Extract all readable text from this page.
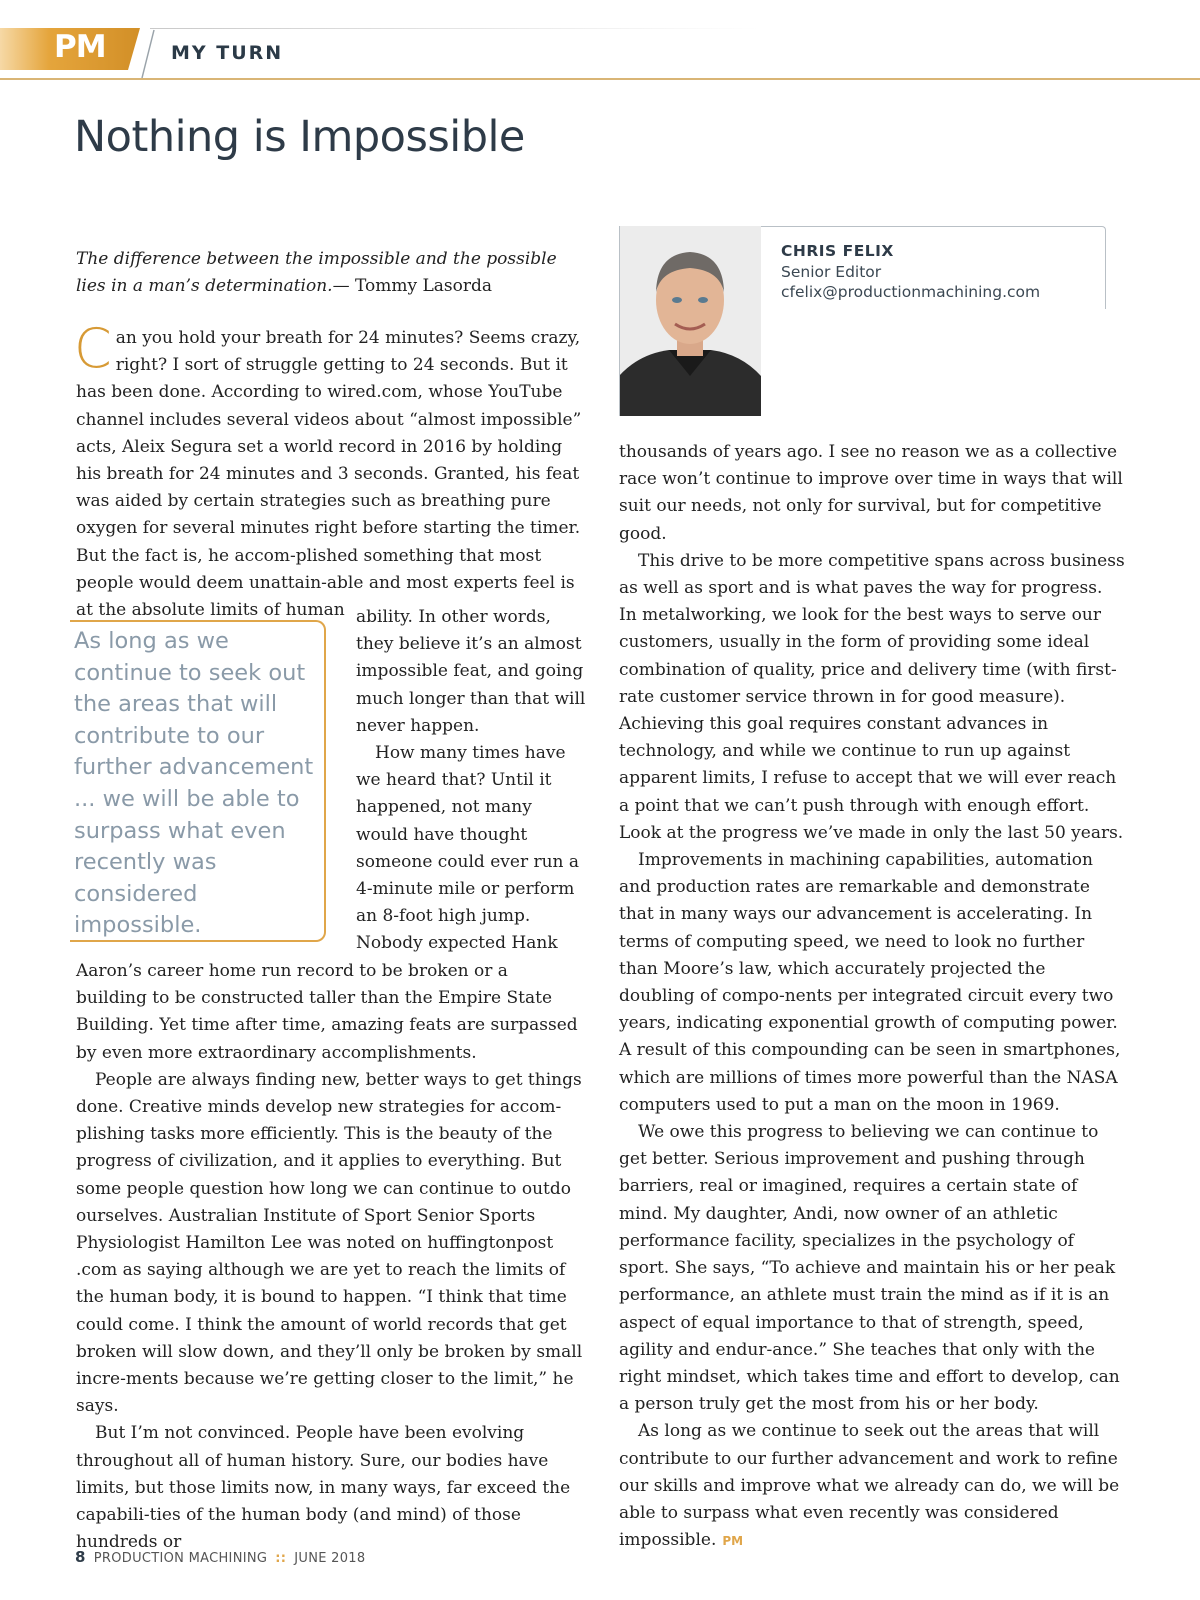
PM	MY TURN
Nothing is Impossible
The difference between the impossible and the possible lies in a man’s determination.— Tommy Lasorda

Can you hold your breath for 24 minutes? Seems crazy, right? I sort of struggle getting to 24 seconds. But it has been done. According to wired.com, whose YouTube channel includes several videos about “almost impossible” acts, Aleix Segura set a world record in 2016 by holding his breath for 24 minutes and 3 seconds. Granted, his feat was aided by certain strategies such as breathing pure oxygen for several minutes right before starting the timer. But the fact is, he accom-plished something that most people would deem unattain-able and most experts feel is at the absolute limits of human

As long as we continue to seek out the areas that will contribute to our further advancement ... we will be able to surpass what even recently was considered impossible.

ability. In other words, they believe it’s an almost impossible feat, and going much longer than that will never happen.

How many times have we heard that? Until it happened, not many would have thought someone could ever run a 4-minute mile or perform an 8-foot high jump. Nobody expected Hank

Aaron’s career home run record to be broken or a building to be constructed taller than the Empire State Building. Yet time after time, amazing feats are surpassed by even more extraordinary accomplishments.

People are always finding new, better ways to get things done. Creative minds develop new strategies for accom-plishing tasks more efficiently. This is the beauty of the progress of civilization, and it applies to everything. But some people question how long we can continue to outdo ourselves. Australian Institute of Sport Senior Sports Physiologist Hamilton Lee was noted on huffingtonpost .com as saying although we are yet to reach the limits of the human body, it is bound to happen. “I think that time could come. I think the amount of world records that get broken will slow down, and they’ll only be broken by small incre-ments because we’re getting closer to the limit,” he says.

But I’m not convinced. People have been evolving throughout all of human history. Sure, our bodies have limits, but those limits now, in many ways, far exceed the capabili-ties of the human body (and mind) of those hundreds or

CHRIS FELIX
Senior Editor
cfelix@productionmachining.com

thousands of years ago. I see no reason we as a collective race won’t continue to improve over time in ways that will suit our needs, not only for survival, but for competitive good.

This drive to be more competitive spans across business as well as sport and is what paves the way for progress. In metalworking, we look for the best ways to serve our customers, usually in the form of providing some ideal combination of quality, price and delivery time (with first-rate customer service thrown in for good measure). Achieving this goal requires constant advances in technology, and while we continue to run up against apparent limits, I refuse to accept that we will ever reach a point that we can’t push through with enough effort. Look at the progress we’ve made in only the last 50 years.

Improvements in machining capabilities, automation and production rates are remarkable and demonstrate that in many ways our advancement is accelerating. In terms of computing speed, we need to look no further than Moore’s law, which accurately projected the doubling of compo-nents per integrated circuit every two years, indicating exponential growth of computing power. A result of this compounding can be seen in smartphones, which are millions of times more powerful than the NASA computers used to put a man on the moon in 1969.

We owe this progress to believing we can continue to get better. Serious improvement and pushing through barriers, real or imagined, requires a certain state of mind. My daughter, Andi, now owner of an athletic performance facility, specializes in the psychology of sport. She says, “To achieve and maintain his or her peak performance, an athlete must train the mind as if it is an aspect of equal importance to that of strength, speed, agility and endur-ance.” She teaches that only with the right mindset, which takes time and effort to develop, can a person truly get the most from his or her body.

As long as we continue to seek out the areas that will contribute to our further advancement and work to refine our skills and improve what we already can do, we will be able to surpass what even recently was considered impossible. PM

8 PRODUCTION MACHINING :: JUNE 2018
